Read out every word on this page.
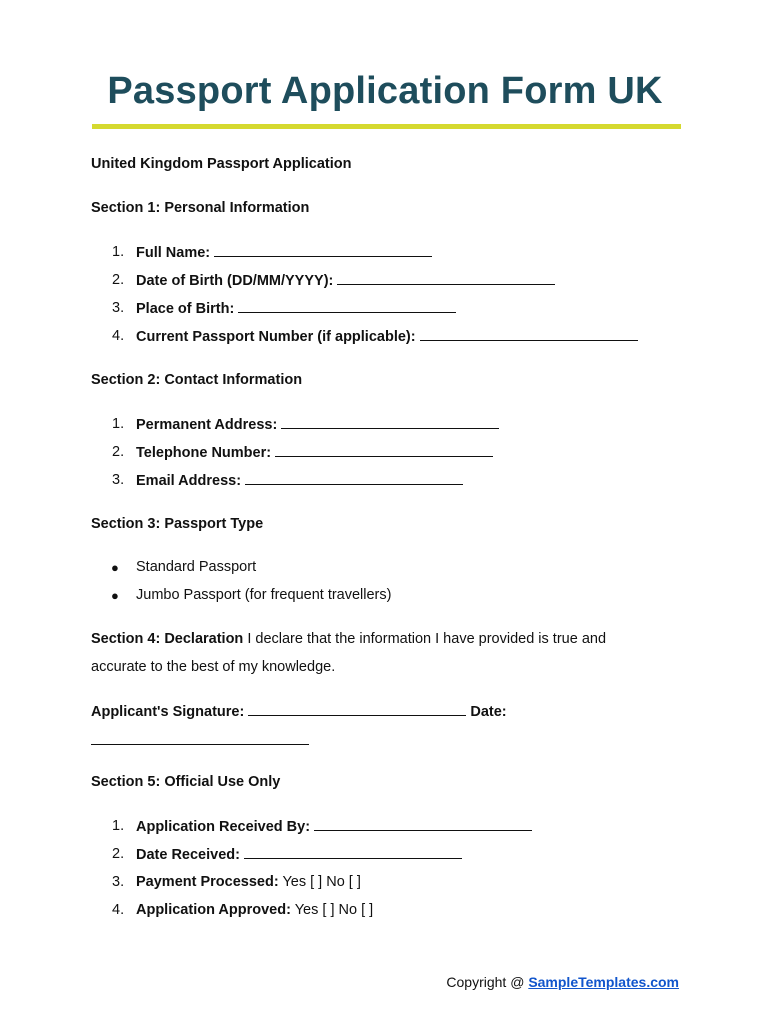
Passport Application Form UK

United Kingdom Passport Application

Section 1: Personal Information

1. Full Name:
2. Date of Birth (DD/MM/YYYY):
3. Place of Birth:
4. Current Passport Number (if applicable):

Section 2: Contact Information

1. Permanent Address:
2. Telephone Number:
3. Email Address:

Section 3: Passport Type

● Standard Passport
● Jumbo Passport (for frequent travellers)

Section 4: Declaration I declare that the information I have provided is true and

accurate to the best of my knowledge.

Applicant's Signature:	Date:

Section 5: Official Use Only

1. Application Received By:
2. Date Received:
3. Payment Processed: Yes [ ] No [ ]
4. Application Approved: Yes [ ] No [ ]
Copyright @ SampleTemplates.com
